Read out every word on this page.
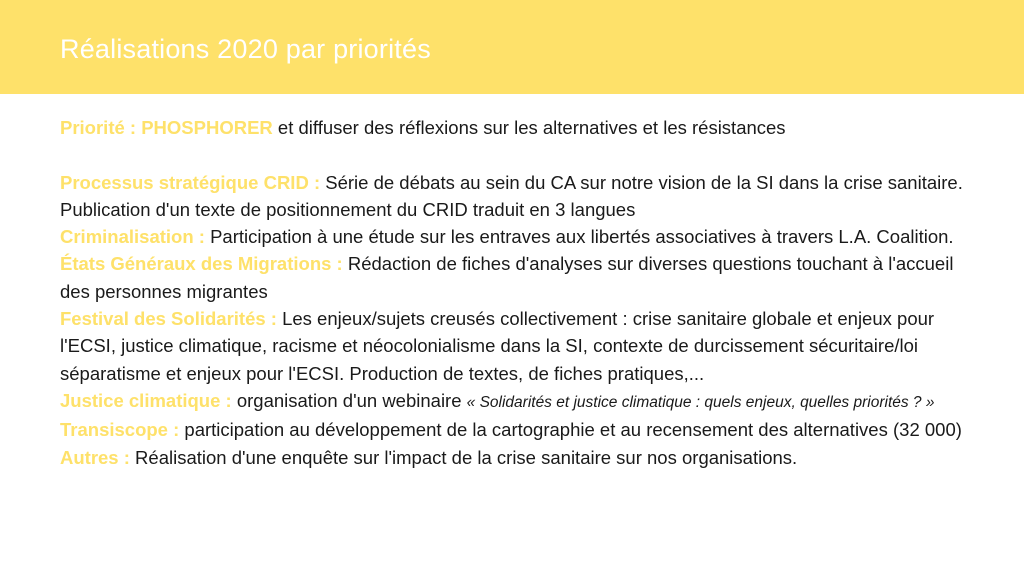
Réalisations 2020 par priorités

Priorité : PHOSPHORER et diffuser des réflexions sur les alternatives et les résistances

Processus stratégique CRID : Série de débats au sein du CA sur notre vision de la SI dans la crise sanitaire. Publication d'un texte de positionnement du CRID traduit en 3 langues

Criminalisation : Participation à une étude sur les entraves aux libertés associatives à travers L.A. Coalition.

États Généraux des Migrations : Rédaction de fiches d'analyses sur diverses questions touchant à l'accueil des personnes migrantes

Festival des Solidarités : Les enjeux/sujets creusés collectivement : crise sanitaire globale et enjeux pour l'ECSI, justice climatique, racisme et néocolonialisme dans la SI, contexte de durcissement sécuritaire/loi séparatisme et enjeux pour l'ECSI. Production de textes, de fiches pratiques,...

Justice climatique : organisation d'un webinaire « Solidarités et justice climatique : quels enjeux, quelles priorités ? »

Transiscope : participation au développement de la cartographie et au recensement des alternatives (32 000)

Autres : Réalisation d'une enquête sur l'impact de la crise sanitaire sur nos organisations.
